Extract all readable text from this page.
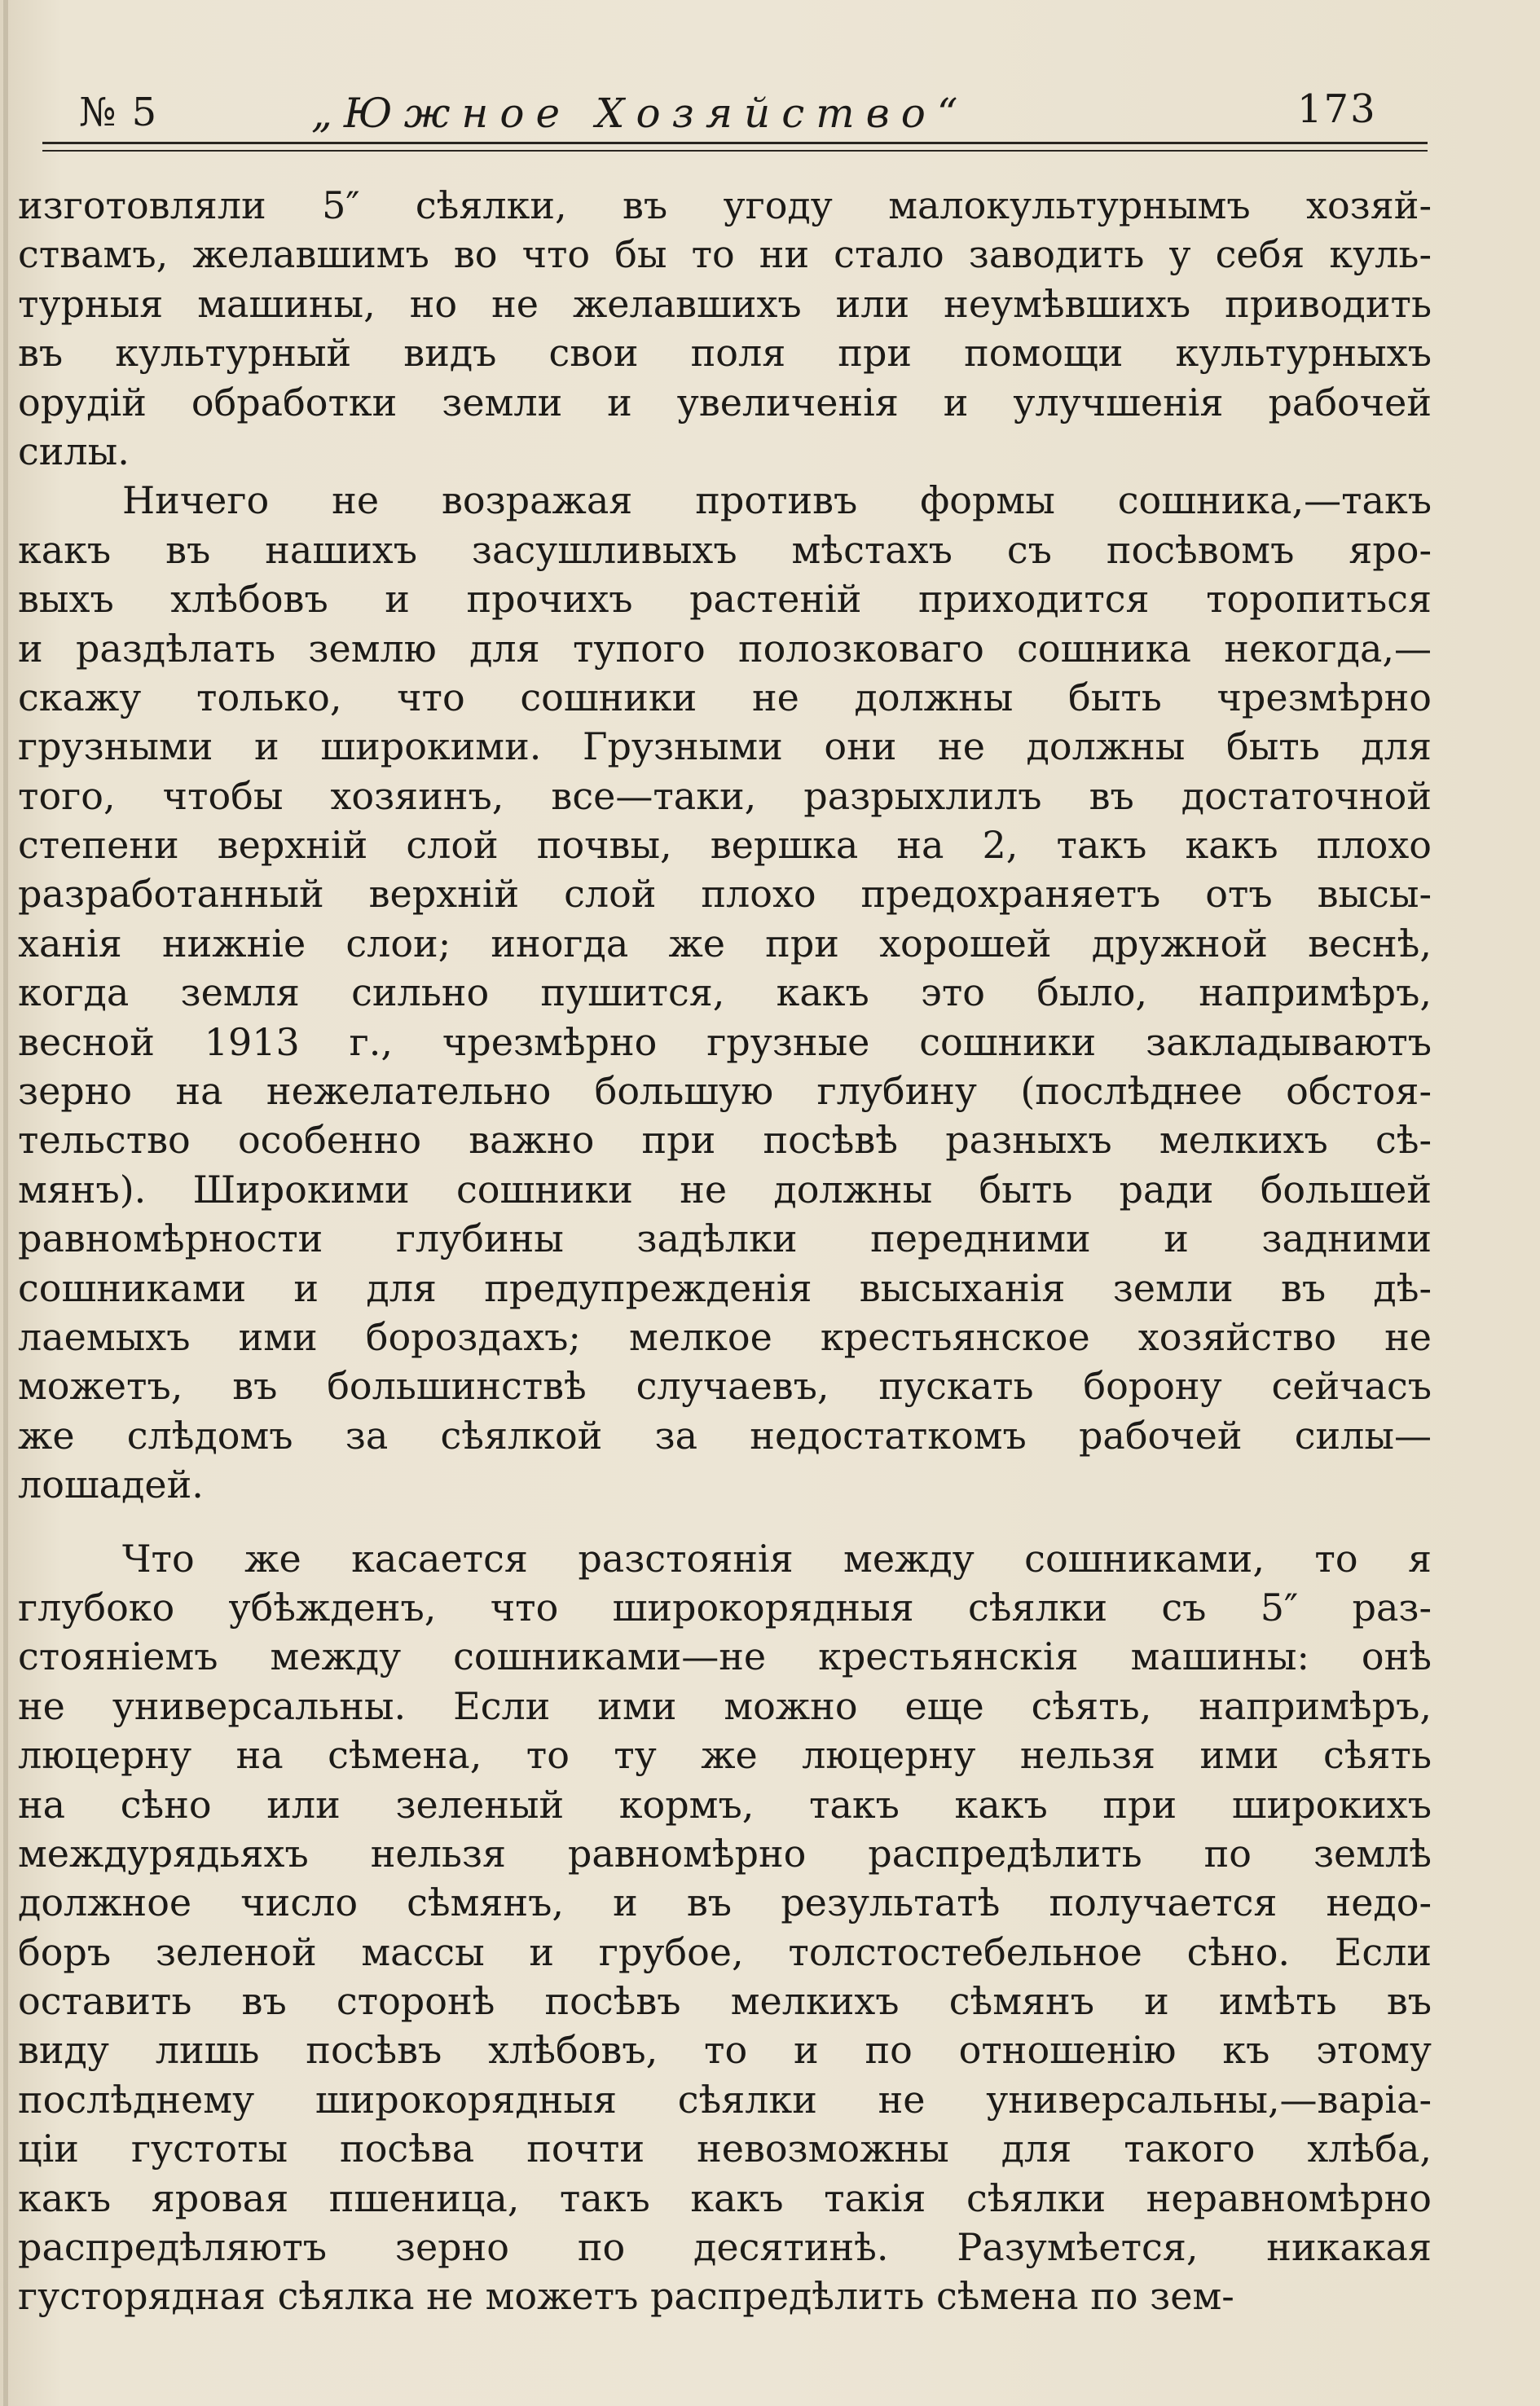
№ 5	„Южное Хозяйство“	173
изготовляли 5″ сѣялки, въ угоду малокультурнымъ хозяй-
ствамъ, желавшимъ во что бы то ни стало заводить у себя куль-
турныя машины, но не желавшихъ или неумѣвшихъ приводить
въ культурный видъ свои поля при помощи культурныхъ
орудій обработки земли и увеличенія и улучшенія рабочей
силы.
Ничего не возражая противъ формы сошника,—такъ
какъ въ нашихъ засушливыхъ мѣстахъ съ посѣвомъ яро-
выхъ хлѣбовъ и прочихъ растеній приходится торопиться
и раздѣлать землю для тупого полозковаго сошника некогда,—
скажу только, что сошники не должны быть чрезмѣрно
грузными и широкими. Грузными они не должны быть для
того, чтобы хозяинъ, все—таки, разрыхлилъ въ достаточной
степени верхній слой почвы, вершка на 2, такъ какъ плохо
разработанный верхній слой плохо предохраняетъ отъ высы-
ханія нижніе слои; иногда же при хорошей дружной веснѣ,
когда земля сильно пушится, какъ это было, напримѣръ,
весной 1913 г., чрезмѣрно грузные сошники закладываютъ
зерно на нежелательно большую глубину (послѣднее обстоя-
тельство особенно важно при посѣвѣ разныхъ мелкихъ сѣ-
мянъ). Широкими сошники не должны быть ради большей
равномѣрности глубины задѣлки передними и задними
сошниками и для предупрежденія высыханія земли въ дѣ-
лаемыхъ ими бороздахъ; мелкое крестьянское хозяйство не
можетъ, въ большинствѣ случаевъ, пускать борону сейчасъ
же слѣдомъ за сѣялкой за недостаткомъ рабочей силы—
лошадей.
Что же касается разстоянія между сошниками, то я
глубоко убѣжденъ, что широкорядныя сѣялки съ 5″ раз-
стояніемъ между сошниками—не крестьянскія машины: онѣ
не универсальны. Если ими можно еще сѣять, напримѣръ,
люцерну на сѣмена, то ту же люцерну нельзя ими сѣять
на сѣно или зеленый кормъ, такъ какъ при широкихъ
междурядьяхъ нельзя равномѣрно распредѣлить по землѣ
должное число сѣмянъ, и въ результатѣ получается недо-
боръ зеленой массы и грубое, толстостебельное сѣно. Если
оставить въ сторонѣ посѣвъ мелкихъ сѣмянъ и имѣть въ
виду лишь посѣвъ хлѣбовъ, то и по отношенію къ этому
послѣднему широкорядныя сѣялки не универсальны,—варіа-
ціи густоты посѣва почти невозможны для такого хлѣба,
какъ яровая пшеница, такъ какъ такія сѣялки неравномѣрно
распредѣляютъ зерно по десятинѣ. Разумѣется, никакая
густорядная сѣялка не можетъ распредѣлить сѣмена по зем-
